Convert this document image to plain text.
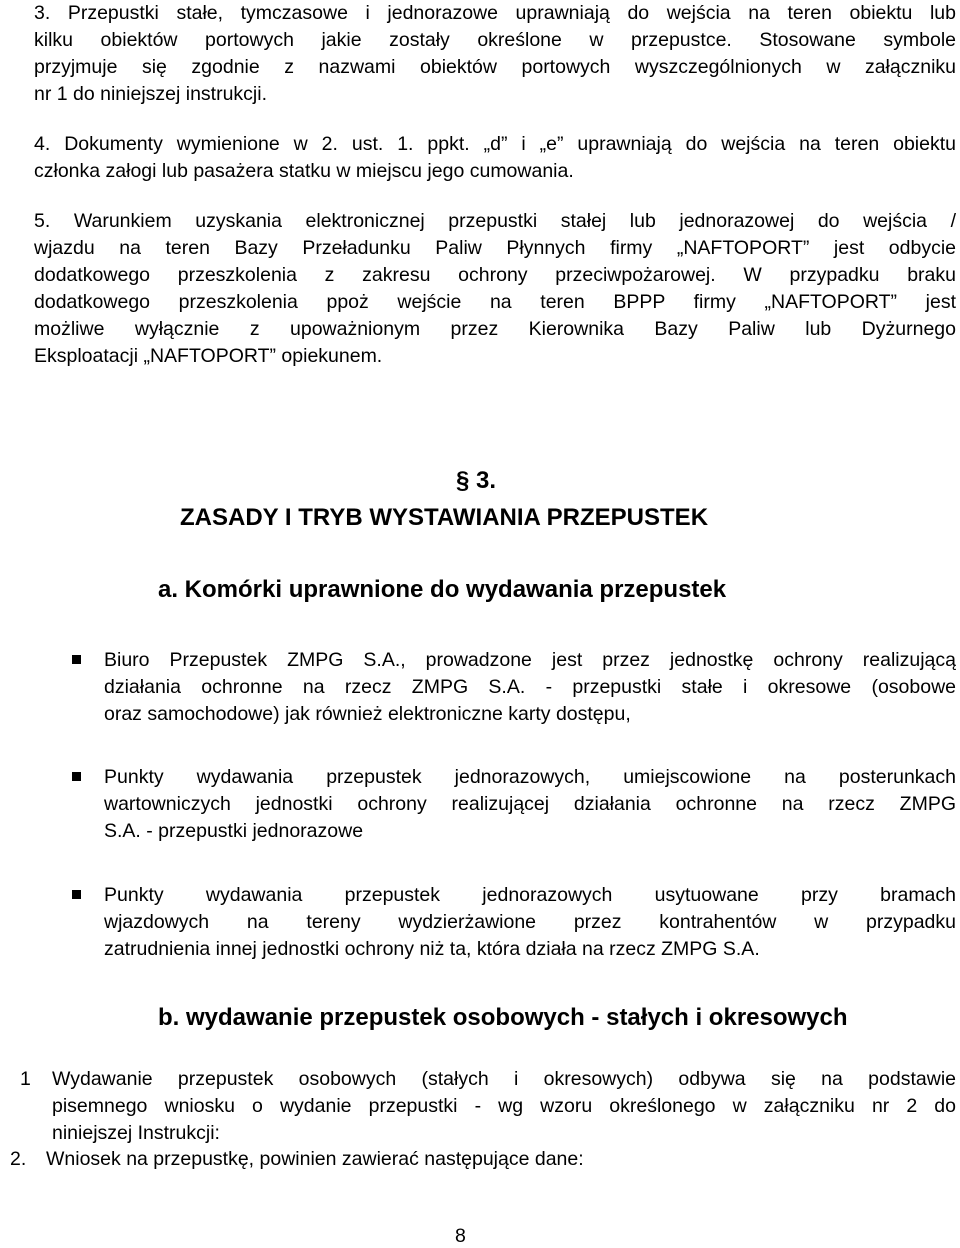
3. Przepustki stałe, tymczasowe i jednorazowe uprawniają do wejścia na teren obiektu lub
kilku obiektów portowych jakie zostały określone w przepustce. Stosowane symbole
przyjmuje się zgodnie z nazwami obiektów portowych wyszczególnionych w załączniku
nr 1 do niniejszej instrukcji.
4. Dokumenty wymienione w 2. ust. 1. ppkt. „d” i „e” uprawniają do wejścia na teren obiektu
członka załogi lub pasażera statku w miejscu jego cumowania.
5. Warunkiem uzyskania elektronicznej przepustki stałej lub jednorazowej do wejścia /
wjazdu na teren Bazy Przeładunku Paliw Płynnych firmy „NAFTOPORT” jest odbycie
dodatkowego przeszkolenia z zakresu ochrony przeciwpożarowej. W przypadku braku
dodatkowego przeszkolenia ppoż wejście na teren BPPP firmy „NAFTOPORT” jest
możliwe wyłącznie z upoważnionym przez Kierownika Bazy Paliw lub Dyżurnego
Eksploatacji „NAFTOPORT” opiekunem.
§ 3.
ZASADY I TRYB WYSTAWIANIA PRZEPUSTEK
a. Komórki uprawnione do wydawania przepustek
Biuro Przepustek ZMPG S.A., prowadzone jest przez jednostkę ochrony realizującą
działania ochronne na rzecz ZMPG S.A. - przepustki stałe i okresowe (osobowe
oraz samochodowe) jak również elektroniczne karty dostępu,
Punkty wydawania przepustek jednorazowych, umiejscowione na posterunkach
wartowniczych jednostki ochrony realizującej działania ochronne na rzecz ZMPG
S.A. - przepustki jednorazowe
Punkty wydawania przepustek jednorazowych usytuowane przy bramach
wjazdowych na tereny wydzierżawione przez kontrahentów w przypadku
zatrudnienia innej jednostki ochrony niż ta, która działa na rzecz ZMPG S.A.
b. wydawanie przepustek osobowych - stałych i okresowych
1 Wydawanie przepustek osobowych (stałych i okresowych) odbywa się na podstawie
pisemnego wniosku o wydanie przepustki - wg wzoru określonego w załączniku nr 2 do
niniejszej Instrukcji:
2. Wniosek na przepustkę, powinien zawierać następujące dane:
8
